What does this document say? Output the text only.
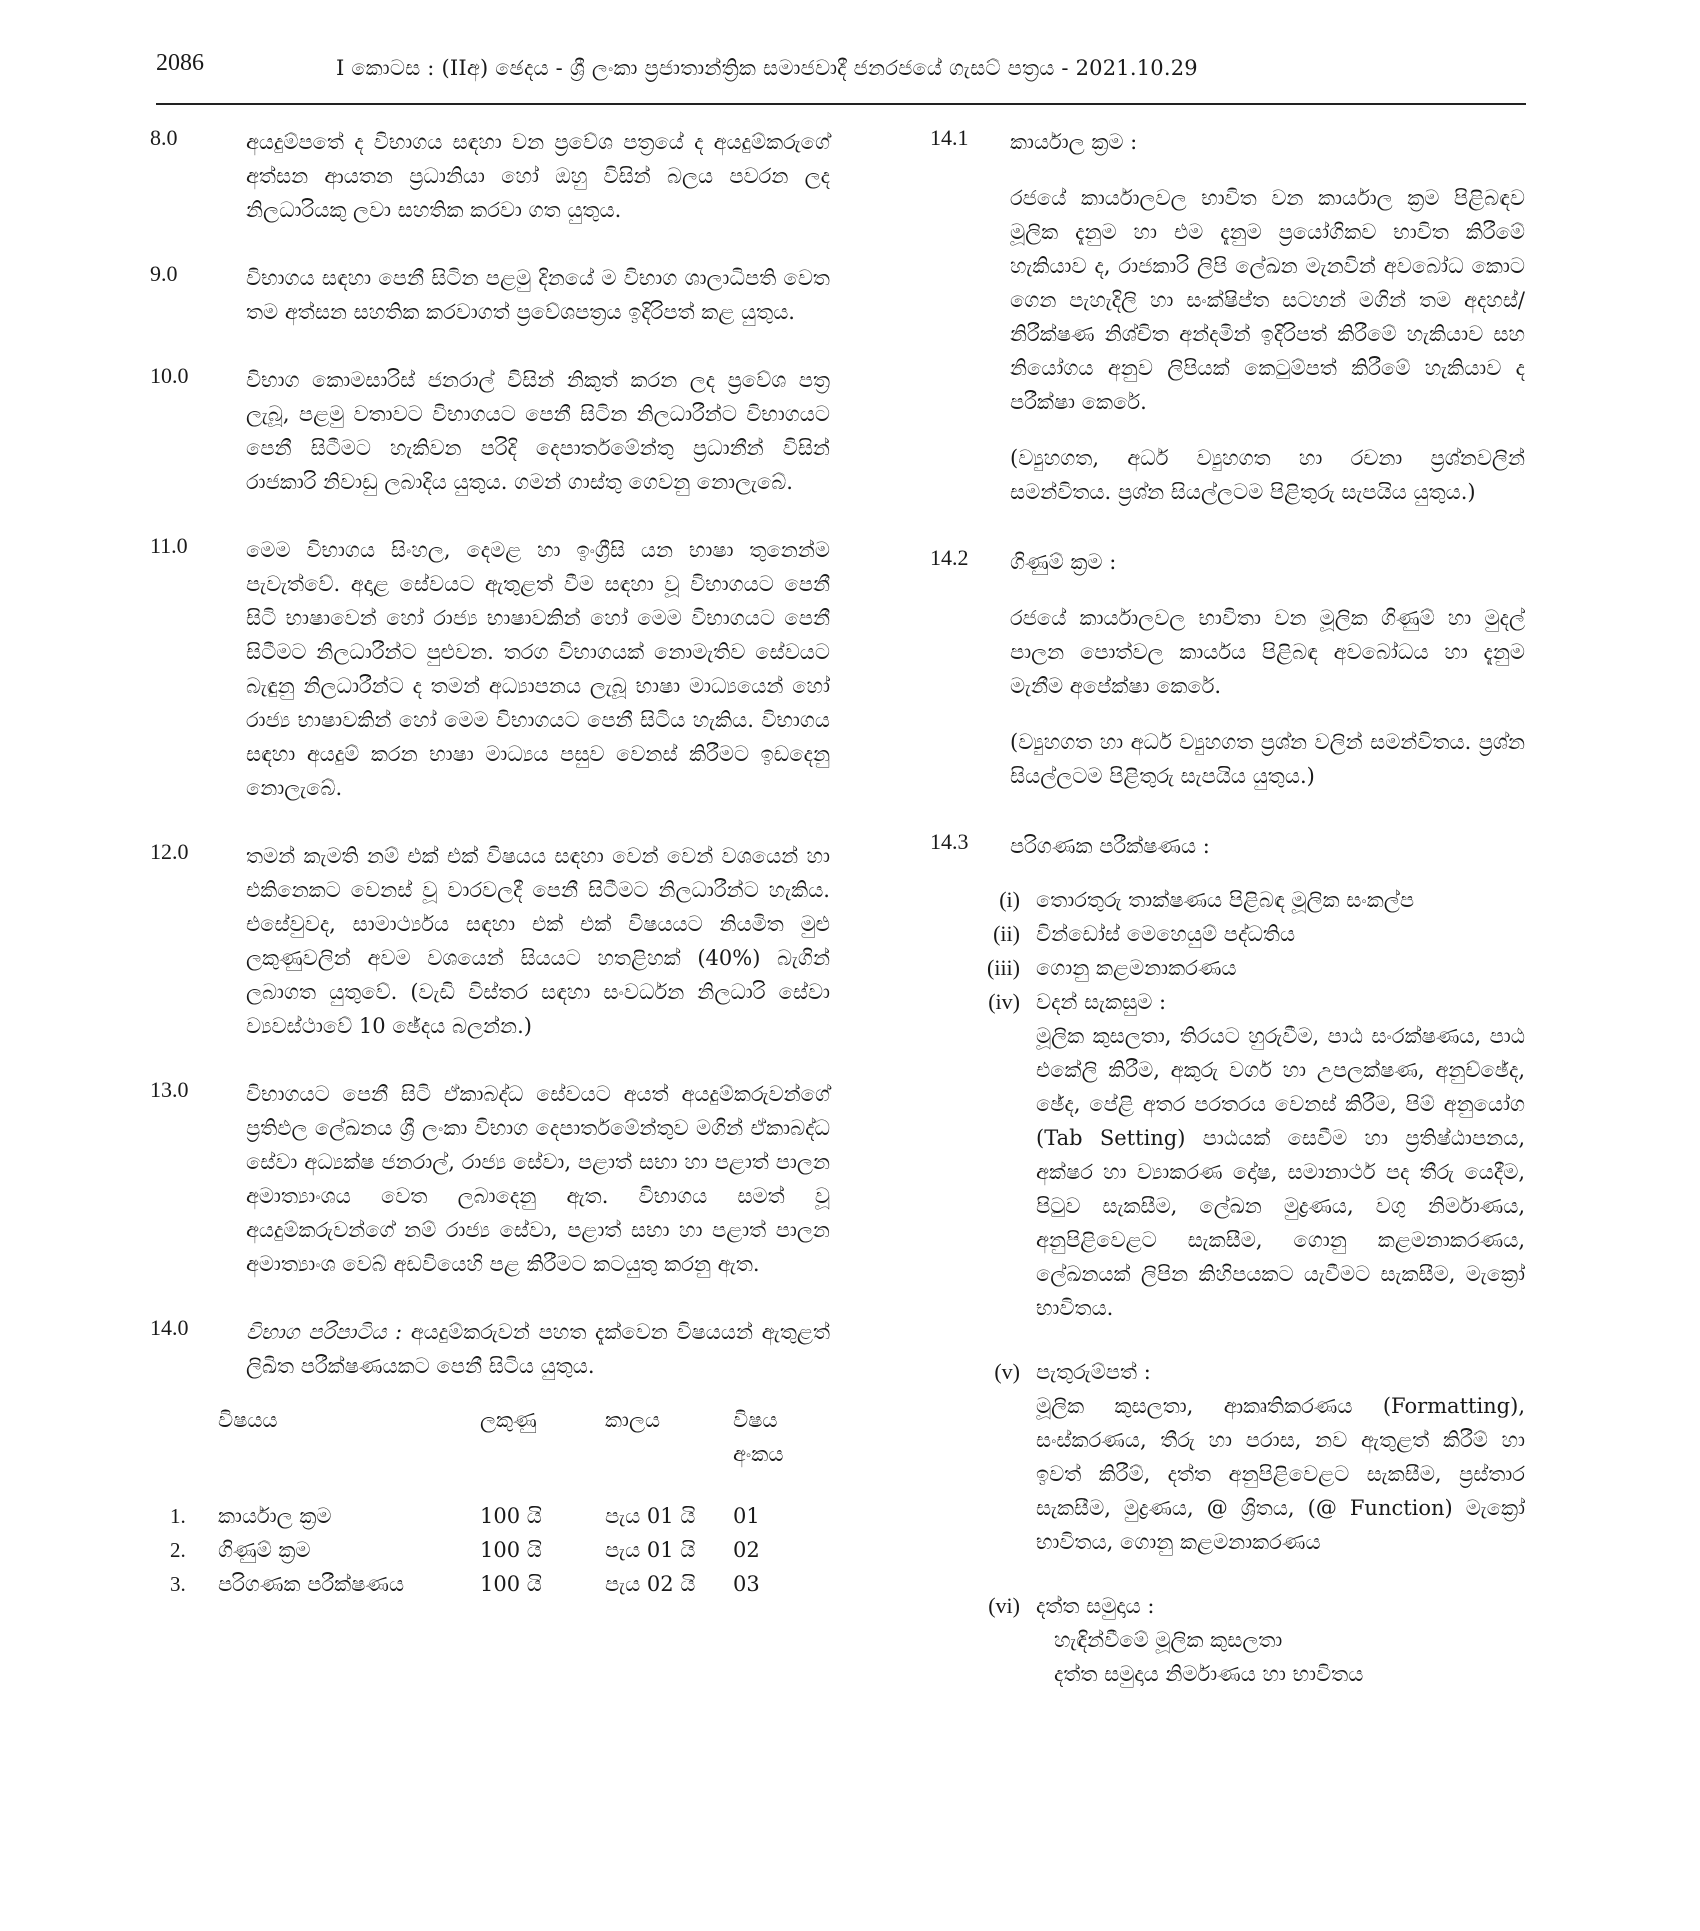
2086	I කොටස : (IIඅ) ඡෙදය - ශ්‍රී ලංකා ප්‍රජාතාන්ත්‍රික සමාජවාදී ජනරජයේ ගැසට් පත්‍රය - 2021.10.29
8.0	අයදුම්පතේ ද විභාගය සඳහා වන ප්‍රවේශ පත්‍රයේ ද අයදුම්කරුගේ අත්සන ආයතන ප්‍රධානියා හෝ ඔහු විසින් බලය පවරන ලද නිලධාරියකු ලවා සහතික කරවා ගත යුතුය.
9.0	විභාගය සඳහා පෙනී සිටින පළමු දිනයේ ම විභාග ශාලාධිපති වෙත තම අත්සන සහතික කරවාගත් ප්‍රවේශපත්‍රය ඉදිරිපත් කළ යුතුය.
10.0	විභාග කොමසාරිස් ජනරාල් විසින් නිකුත් කරන ලද ප්‍රවේශ පත්‍ර ලැබූ, පළමු වතාවට විභාගයට පෙනී සිටින නිලධාරීන්ට විභාගයට පෙනී සිටීමට හැකිවන පරිදි දෙපාර්තමේන්තු ප්‍රධානීන් විසින් රාජකාරි නිවාඩු ලබාදිය යුතුය. ගමන් ගාස්තු ගෙවනු නොලැබේ.
11.0	මෙම විභාගය සිංහල, දෙමළ හා ඉංග්‍රීසි යන භාෂා තුනෙන්ම පැවැත්වේ. අදාළ සේවයට ඇතුළත් වීම සඳහා වූ විභාගයට පෙනී සිටි භාෂාවෙන් හෝ රාජ්‍ය භාෂාවකින් හෝ මෙම විභාගයට පෙනී සිටීමට නිලධාරීන්ට පුළුවන. තරග විභාගයක් නොමැතිව සේවයට බැඳුනු නිලධාරීන්ට ද තමන් අධ්‍යාපනය ලැබූ භාෂා මාධ්‍යයෙන් හෝ රාජ්‍ය භාෂාවකින් හෝ මෙම විභාගයට පෙනී සිටිය හැකිය. විභාගය සඳහා අයදුම් කරන භාෂා මාධ්‍යය පසුව වෙනස් කිරීමට ඉඩදෙනු නොලැබේ.
12.0	තමන් කැමති නම් එක් එක් විෂයය සඳහා වෙන් වෙන් වශයෙන් හා එකිනෙකට වෙනස් වූ වාරවලදී පෙනී සිටීමට නිලධාරීන්ට හැකිය. එසේවුවද, සාමාර්ථ්‍යය සඳහා එක් එක් විෂයයට නියමිත මුළු ලකුණුවලින් අවම වශයෙන් සියයට හතළිහක් (40%) බැගින් ලබාගත යුතුවේ. (වැඩි විස්තර සඳහා සංවර්ධන නිලධාරි සේවා ව්‍යවස්ථාවේ 10 ඡේදය බලන්න.)
13.0	විභාගයට පෙනී සිටි ඒකාබද්ධ සේවයට අයත් අයදුම්කරුවන්ගේ ප්‍රතිඵල ලේඛනය ශ්‍රී ලංකා විභාග දෙපාර්තමේන්තුව මගින් ඒකාබද්ධ සේවා අධ්‍යක්ෂ ජනරාල්, රාජ්‍ය සේවා, පළාත් සභා හා පළාත් පාලන අමාත්‍යාංශය වෙත ලබාදෙනු ඇත. විභාගය සමත් වූ අයදුම්කරුවන්ගේ නම් රාජ්‍ය සේවා, පළාත් සභා හා පළාත් පාලන අමාත්‍යාංශ වෙබ් අඩවියෙහි පළ කිරීමට කටයුතු කරනු ඇත.
14.0	විභාග පරිපාටිය : අයදුම්කරුවන් පහත දැක්වෙන විෂයයන් ඇතුළත් ලිඛිත පරීක්ෂණයකට පෙනී සිටිය යුතුය.
	විෂයය	ලකුණු	කාලය	විෂය අංකය
1.	කාර්යාල ක්‍රම	100 යි	පැය 01 යි	01
2.	ගිණුම් ක්‍රම	100 යි	පැය 01 යි	02
3.	පරිගණක පරීක්ෂණය	100 යි	පැය 02 යි	03
14.1 කාර්යාල ක්‍රම :
රජයේ කාර්යාලවල භාවිත වන කාර්යාල ක්‍රම පිළිබඳව මූලික දැනුම හා එම දැනුම ප්‍රයෝගිකව භාවිත කිරීමේ හැකියාව ද, රාජකාරි ලිපි ලේඛන මැනවින් අවබෝධ කොට ගෙන පැහැදිලි හා සංක්ෂිප්ත සටහන් මගින් තම අදහස්/නිරීක්ෂණ නිශ්චිත අන්දමින් ඉදිරිපත් කිරීමේ හැකියාව සහ නියෝගය අනුව ලිපියක් කෙටුම්පත් කිරීමේ හැකියාව ද පරීක්ෂා කෙරේ.
(ව්‍යුහගත, අර්ධ ව්‍යුහගත හා රචනා ප්‍රශ්නවලින් සමන්විතය. ප්‍රශ්න සියල්ලටම පිළිතුරු සැපයිය යුතුය.)
14.2 ගිණුම් ක්‍රම :
රජයේ කාර්යාලවල භාවිතා වන මූලික ගිණුම් හා මුදල් පාලන පොත්වල කාර්යය පිළිබඳ අවබෝධය හා දැනුම මැනීම අපේක්ෂා කෙරේ.
(ව්‍යුහගත හා අර්ධ ව්‍යුහගත ප්‍රශ්න වලින් සමන්විතය. ප්‍රශ්න සියල්ලටම පිළිතුරු සැපයිය යුතුය.)
14.3 පරිගණක පරීක්ෂණය :
(i) තොරතුරු තාක්ෂණය පිළිබඳ මූලික සංකල්ප
(ii) වින්ඩෝස් මෙහෙයුම් පද්ධතිය
(iii) ගොනු කළමනාකරණය
(iv) වදන් සැකසුම :
මූලික කුසලතා, තිරයට හුරුවීම, පාඨ සංරක්ෂණය, පාඨ එකේලි කිරීම, අකුරු වර්ග හා උපලක්ෂණ, අනුච්ඡේද, ඡේද, පේළි අතර පරතරය වෙනස් කිරීම, පිම් අනුයෝග (Tab Setting) පාඨයක් සෙවීම හා ප්‍රතිෂ්ඨාපනය, අක්ෂර හා ව්‍යාකරණ දෝෂ, සමානාර්ථ පද තීරු යෙදීම, පිටුව සැකසීම, ලේඛන මුද්‍රණය, වගු නිර්මාණය, අනුපිළිවෙළට සැකසීම, ගොනු කළමනාකරණය, ලේඛනයක් ලිපින කිහිපයකට යැවීමට සැකසීම, මැක්‍රෝ භාවිතය.
(v) පැතුරුම්පත් :
මූලික කුසලතා, ආකෘතිකරණය (Formatting), සංස්කරණය, තීරු හා පරාස, නව ඇතුළත් කිරීම් හා ඉවත් කිරීම්, දත්ත අනුපිළිවෙළට සැකසීම, ප්‍රස්තාර සැකසීම, මුද්‍රණය, @ ශ්‍රිතය, (@ Function) මැක්‍රෝ භාවිතය, ගොනු කළමනාකරණය
(vi) දත්ත සමුදාය :
හැඳින්වීමේ මූලික කුසලතා
දත්ත සමුදාය නිර්මාණය හා භාවිතය
